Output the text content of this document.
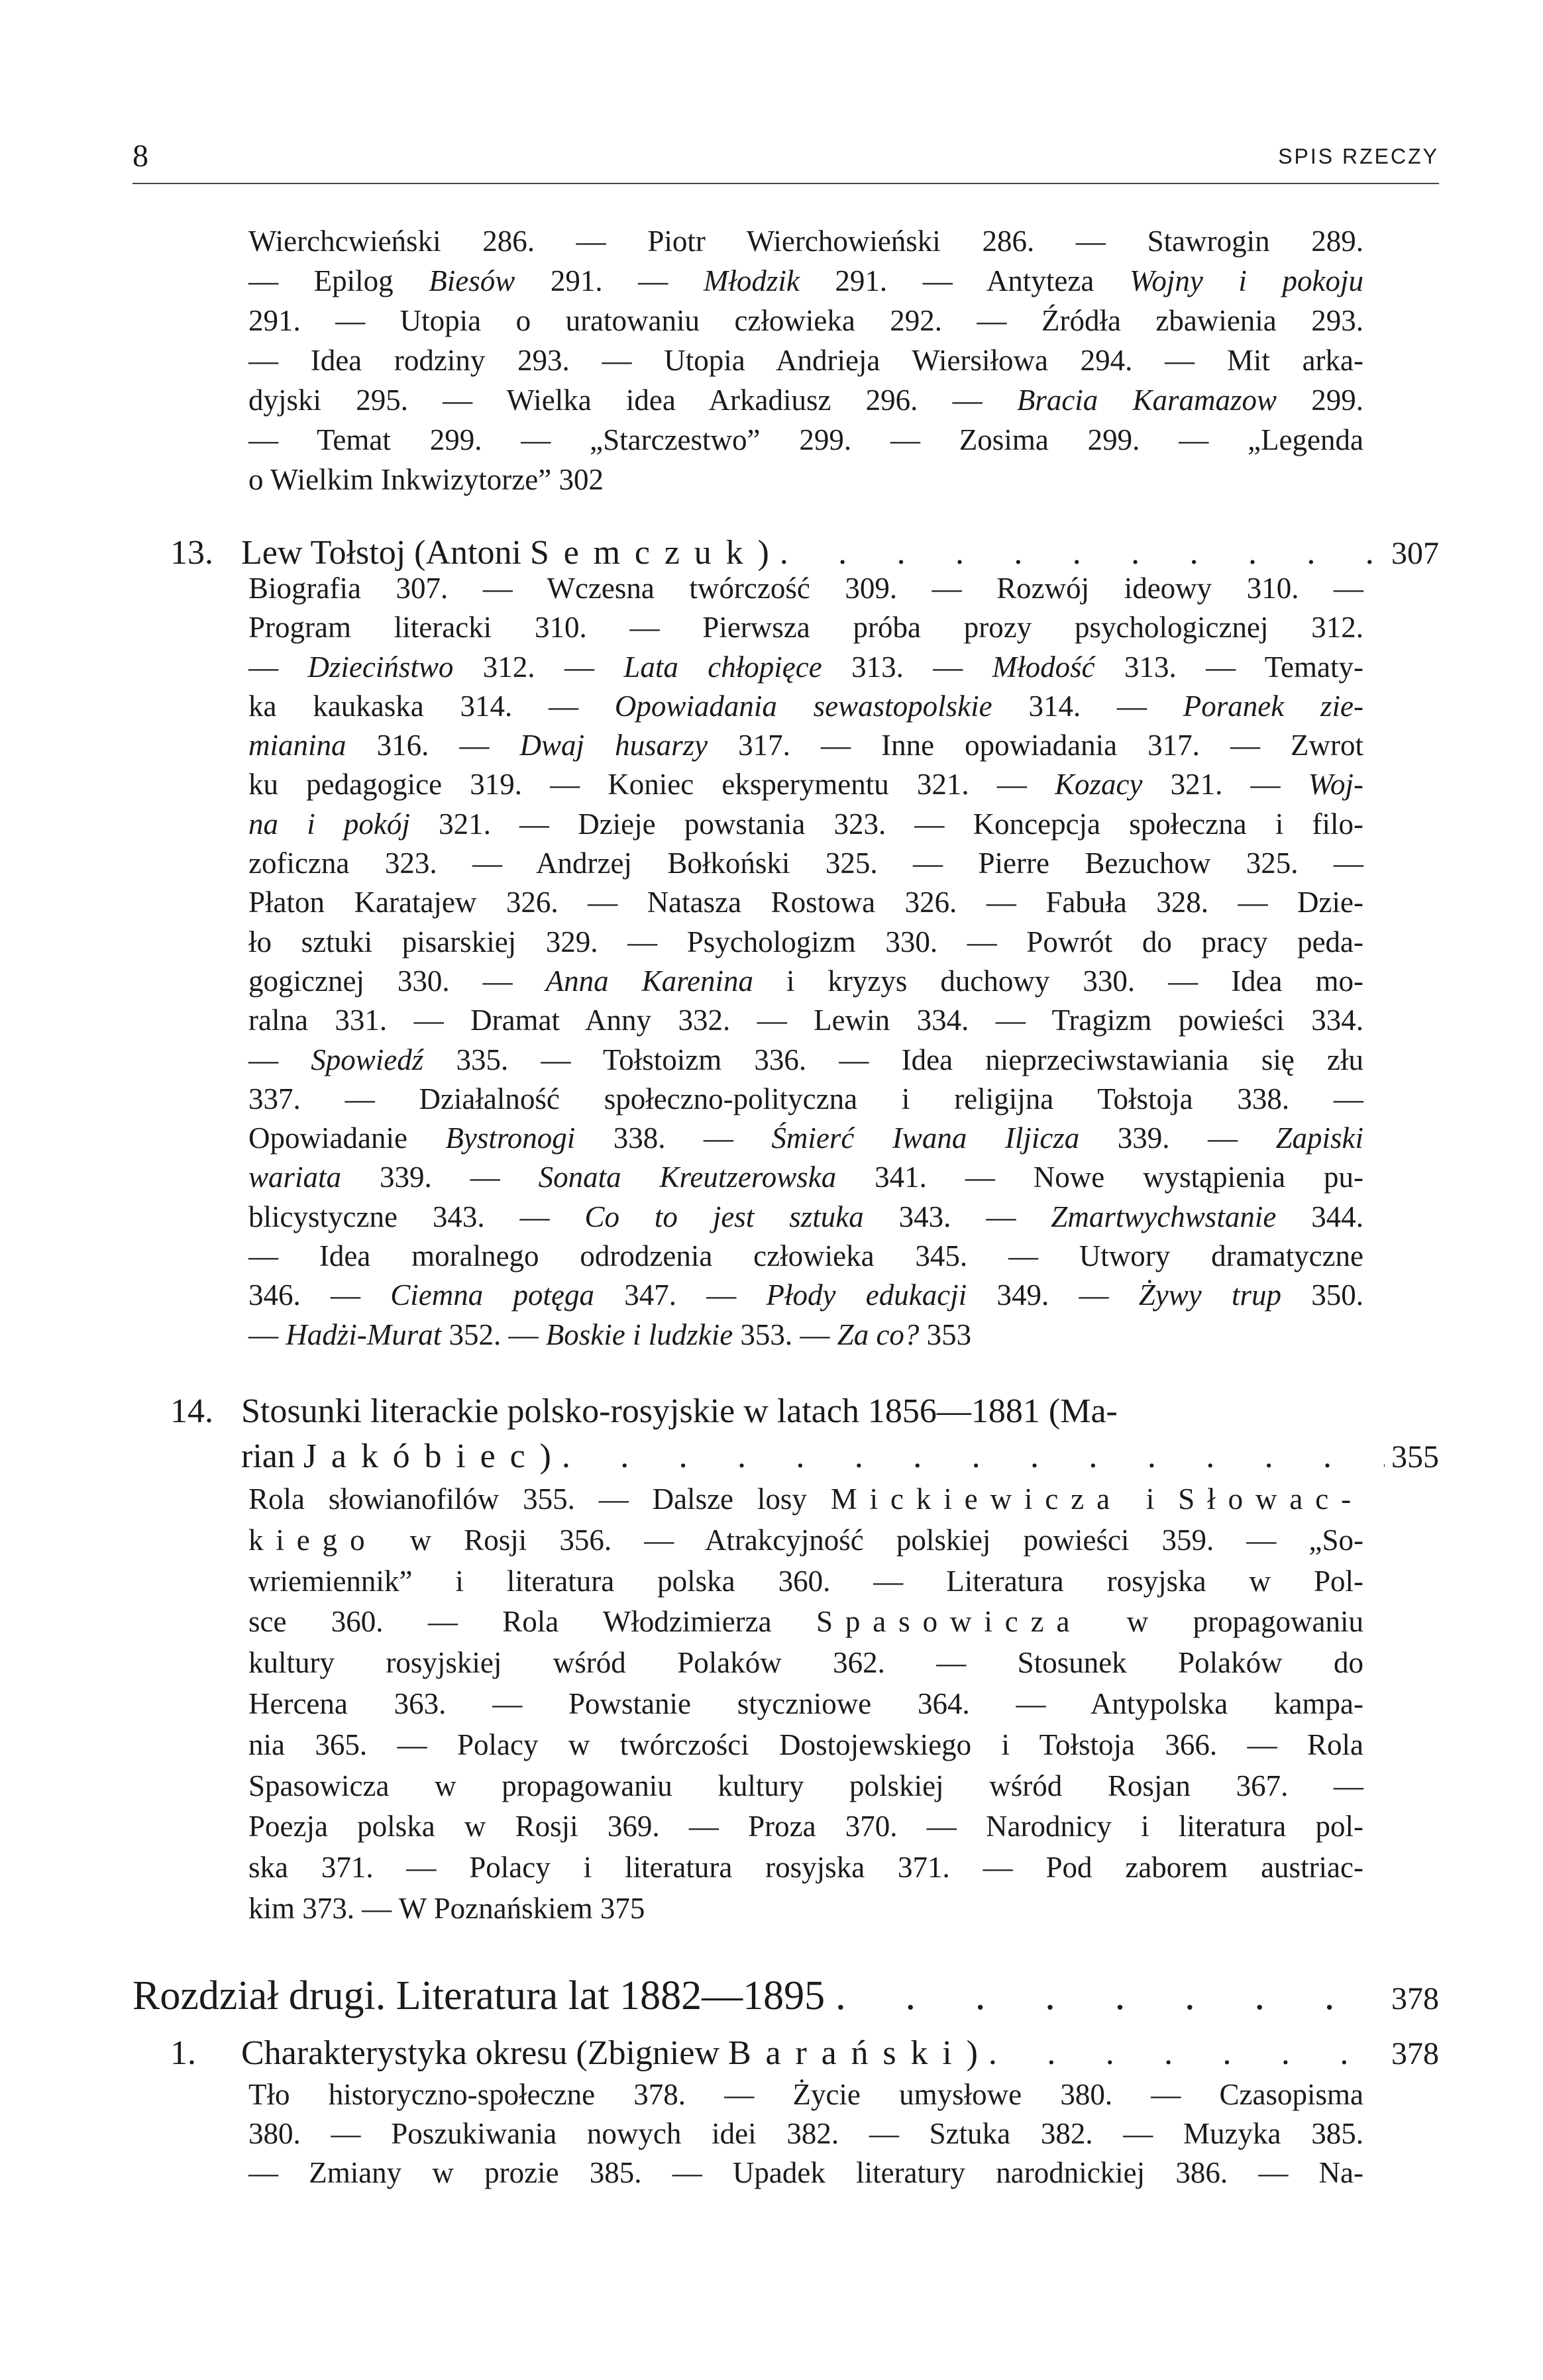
8	SPIS RZECZY
Wierchcwieński 286. — Piotr Wierchowieński 286. — Stawrogin 289.
— Epilog Biesów 291. — Młodzik 291. — Antyteza Wojny i pokoju
291. — Utopia o uratowaniu człowieka 292. — Źródła zbawienia 293.
— Idea rodziny 293. — Utopia Andrieja Wiersiłowa 294. — Mit arka-
dyjski 295. — Wielka idea Arkadiusz 296. — Bracia Karamazow 299.
— Temat 299. — „Starczestwo” 299. — Zosima 299. — „Legenda
o Wielkim Inkwizytorze” 302
13. Lew Tołstoj (Antoni Semczuk) . . .	307
Biografia 307. — Wczesna twórczość 309. — Rozwój ideowy 310. —
Program literacki 310. — Pierwsza próba prozy psychologicznej 312.
— Dzieciństwo 312. — Lata chłopięce 313. — Młodość 313. — Tematy-
ka kaukaska 314. — Opowiadania sewastopolskie 314. — Poranek zie-
mianina 316. — Dwaj husarzy 317. — Inne opowiadania 317. — Zwrot
ku pedagogice 319. — Koniec eksperymentu 321. — Kozacy 321. — Woj-
na i pokój 321. — Dzieje powstania 323. — Koncepcja społeczna i filo-
zoficzna 323. — Andrzej Bołkoński 325. — Pierre Bezuchow 325. —
Płaton Karatajew 326. — Natasza Rostowa 326. — Fabuła 328. — Dzie-
ło sztuki pisarskiej 329. — Psychologizm 330. — Powrót do pracy peda-
gogicznej 330. — Anna Karenina i kryzys duchowy 330. — Idea mo-
ralna 331. — Dramat Anny 332. — Lewin 334. — Tragizm powieści 334.
— Spowiedź 335. — Tołstoizm 336. — Idea nieprzeciwstawiania się złu
337. — Działalność społeczno-polityczna i religijna Tołstoja 338. —
Opowiadanie Bystronogi 338. — Śmierć Iwana Iljicza 339. — Zapiski
wariata 339. — Sonata Kreutzerowska 341. — Nowe wystąpienia pu-
blicystyczne 343. — Co to jest sztuka 343. — Zmartwychwstanie 344.
— Idea moralnego odrodzenia człowieka 345. — Utwory dramatyczne
346. — Ciemna potęga 347. — Płody edukacji 349. — Żywy trup 350.
— Hadżi-Murat 352. — Boskie i ludzkie 353. — Za co? 353
14. Stosunki literackie polsko-rosyjskie w latach 1856—1881 (Ma-
rian Jakóbiec) . . .	355
Rola słowianofilów 355. — Dalsze losy Mickiewicza i Słowac-
kiego w Rosji 356. — Atrakcyjność polskiej powieści 359. — „So-
wriemiennik” i literatura polska 360. — Literatura rosyjska w Pol-
sce 360. — Rola Włodzimierza Spasowicza w propagowaniu
kultury rosyjskiej wśród Polaków 362. — Stosunek Polaków do
Hercena 363. — Powstanie styczniowe 364. — Antypolska kampa-
nia 365. — Polacy w twórczości Dostojewskiego i Tołstoja 366. — Rola
Spasowicza w propagowaniu kultury polskiej wśród Rosjan 367. —
Poezja polska w Rosji 369. — Proza 370. — Narodnicy i literatura pol-
ska 371. — Polacy i literatura rosyjska 371. — Pod zaborem austriac-
kim 373. — W Poznańskiem 375
Rozdział drugi. Literatura lat 1882—1895 . . .	378
1.	Charakterystyka okresu (Zbigniew Barański) . . .	378
Tło historyczno-społeczne 378. — Życie umysłowe 380. — Czasopisma
380. — Poszukiwania nowych idei 382. — Sztuka 382. — Muzyka 385.
— Zmiany w prozie 385. — Upadek literatury narodnickiej 386. — Na-
